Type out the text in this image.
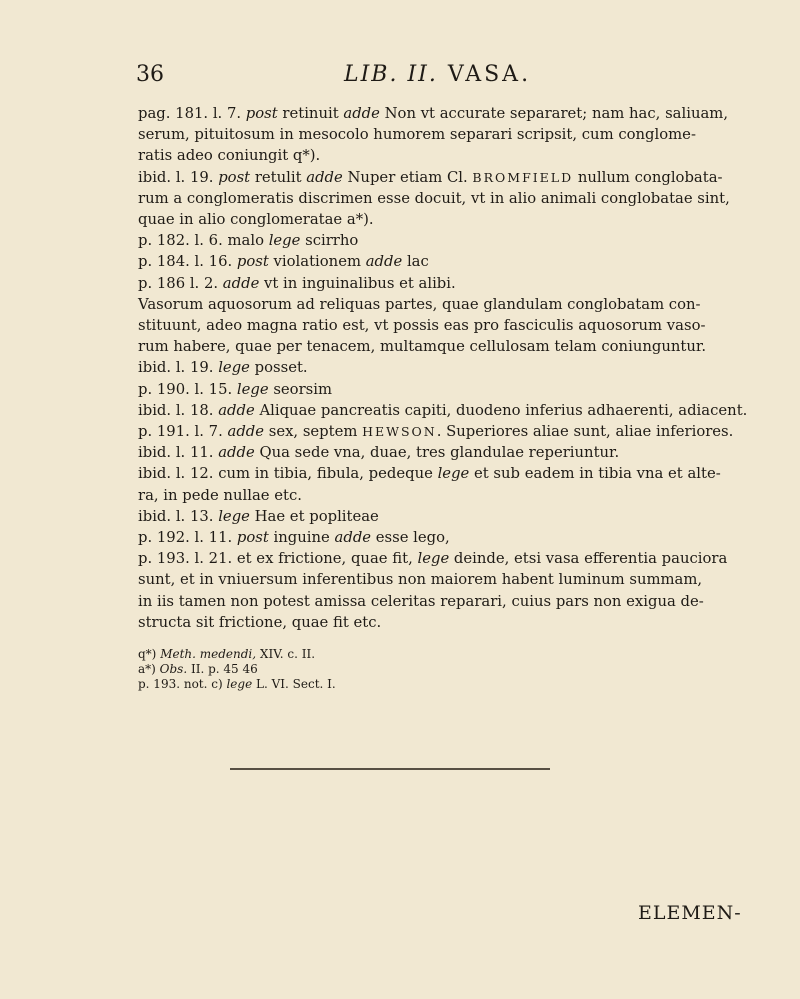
36	LIB. II. VASA.
pag. 181. l. 7. post retinuit adde Non vt accurate separaret; nam hac, saliuam,
serum, pituitosum in mesocolo humorem separari scripsit, cum conglome-
ratis adeo coniungit q*).
ibid. l. 19. post retulit adde Nuper etiam Cl. BROMFIELD nullum conglobata-
rum a conglomeratis discrimen esse docuit, vt in alio animali conglobatae sint,
quae in alio conglomeratae a*).
p. 182. l. 6. malo lege scirrho
p. 184. l. 16. post violationem adde lac
p. 186 l. 2. adde vt in inguinalibus et alibi.
Vasorum aquosorum ad reliquas partes, quae glandulam conglobatam con-
stituunt, adeo magna ratio est, vt possis eas pro fasciculis aquosorum vaso-
rum habere, quae per tenacem, multamque cellulosam telam coniunguntur.
ibid. l. 19. lege posset.
p. 190. l. 15. lege seorsim
ibid. l. 18. adde Aliquae pancreatis capiti, duodeno inferius adhaerenti, adiacent.
p. 191. l. 7. adde sex, septem HEWSON. Superiores aliae sunt, aliae inferiores.
ibid. l. 11. adde Qua sede vna, duae, tres glandulae reperiuntur.
ibid. l. 12. cum in tibia, fibula, pedeque lege et sub eadem in tibia vna et alte-
ra, in pede nullae etc.
ibid. l. 13. lege Hae et popliteae
p. 192. l. 11. post inguine adde esse lego,
p. 193. l. 21. et ex frictione, quae fit, lege deinde, etsi vasa efferentia pauciora
sunt, et in vniuersum inferentibus non maiorem habent luminum summam,
in iis tamen non potest amissa celeritas reparari, cuius pars non exigua de-
structa sit frictione, quae fit etc.
q*) Meth. medendi, XIV. c. II.
a*) Obs. II. p. 45 46
p. 193. not. c) lege L. VI. Sect. I.
ELEMEN-
